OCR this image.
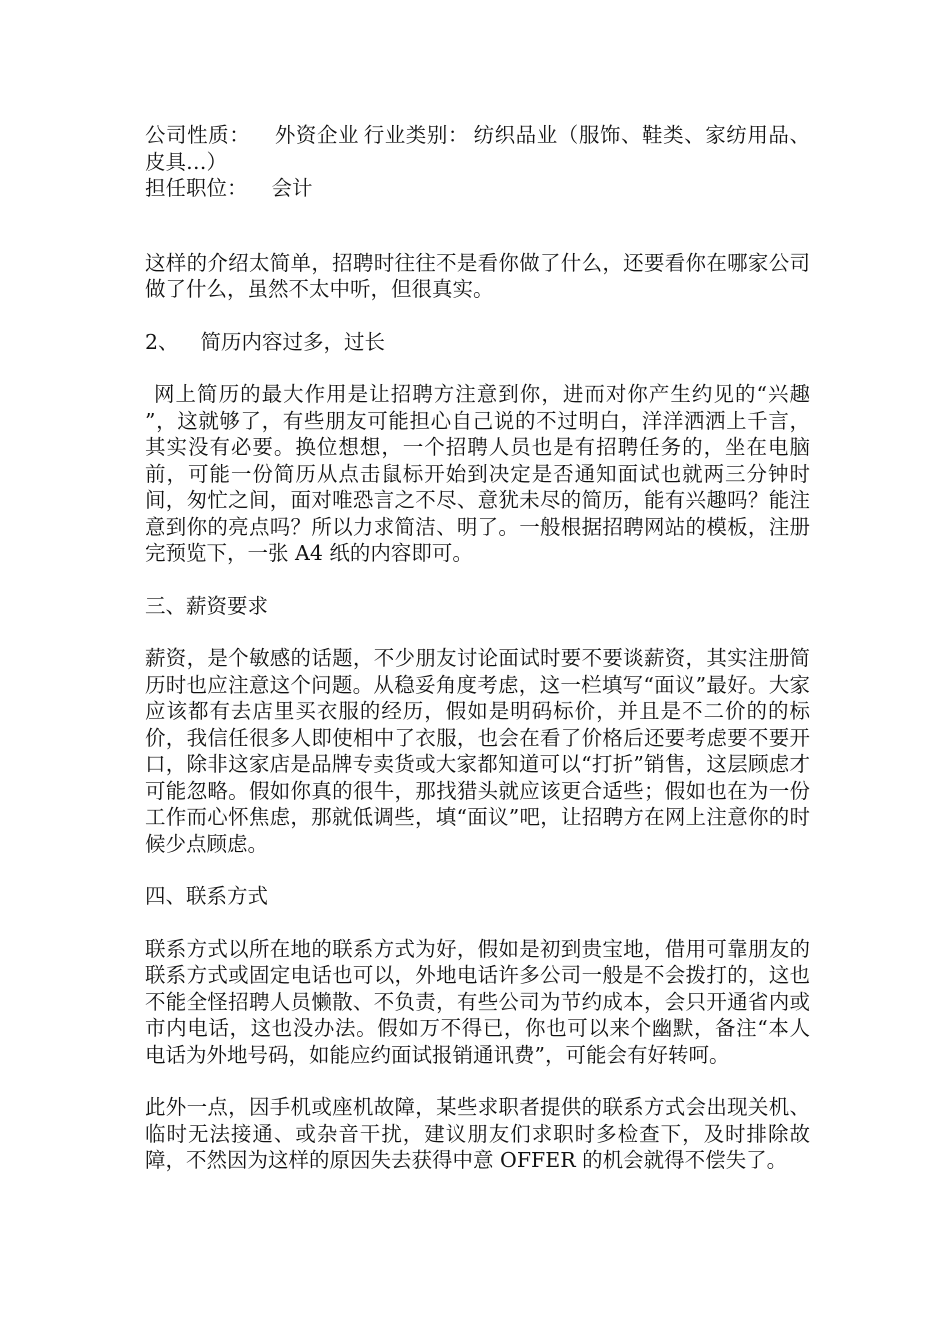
公司性质： 外资企业 行业类别： 纺织品业（服饰、鞋类、家纺用品、皮具…）

担任职位： 会计

这样的介绍太简单，招聘时往往不是看你做了什么，还要看你在哪家公司做了什么，虽然不太中听，但很真实。

2、 简历内容过多，过长

网上简历的最大作用是让招聘方注意到你，进而对你产生约见的“兴趣 ”，这就够了，有些朋友可能担心自己说的不过明白，洋洋洒洒上千言，其实没有必要。换位想想，一个招聘人员也是有招聘任务的，坐在电脑前，可能一份简历从点击鼠标开始到决定是否通知面试也就两三分钟时间，匆忙之间，面对唯恐言之不尽、意犹未尽的简历，能有兴趣吗？能注意到你的亮点吗？所以力求简洁、明了。一般根据招聘网站的模板，注册完预览下，一张 A4 纸的内容即可。

三、薪资要求

薪资，是个敏感的话题，不少朋友讨论面试时要不要谈薪资，其实注册简历时也应注意这个问题。从稳妥角度考虑，这一栏填写“面议”最好。大家应该都有去店里买衣服的经历，假如是明码标价，并且是不二价的的标价，我信任很多人即使相中了衣服，也会在看了价格后还要考虑要不要开口，除非这家店是品牌专卖货或大家都知道可以“打折”销售，这层顾虑才可能忽略。假如你真的很牛，那找猎头就应该更合适些；假如也在为一份工作而心怀焦虑，那就低调些，填“面议”吧，让招聘方在网上注意你的时候少点顾虑。

四、联系方式

联系方式以所在地的联系方式为好，假如是初到贵宝地，借用可靠朋友的联系方式或固定电话也可以，外地电话许多公司一般是不会拨打的，这也不能全怪招聘人员懒散、不负责，有些公司为节约成本，会只开通省内或市内电话，这也没办法。假如万不得已，你也可以来个幽默，备注“本人电话为外地号码，如能应约面试报销通讯费”，可能会有好转呵。

此外一点，因手机或座机故障，某些求职者提供的联系方式会出现关机、临时无法接通、或杂音干扰，建议朋友们求职时多检查下，及时排除故障，不然因为这样的原因失去获得中意 OFFER 的机会就得不偿失了。
